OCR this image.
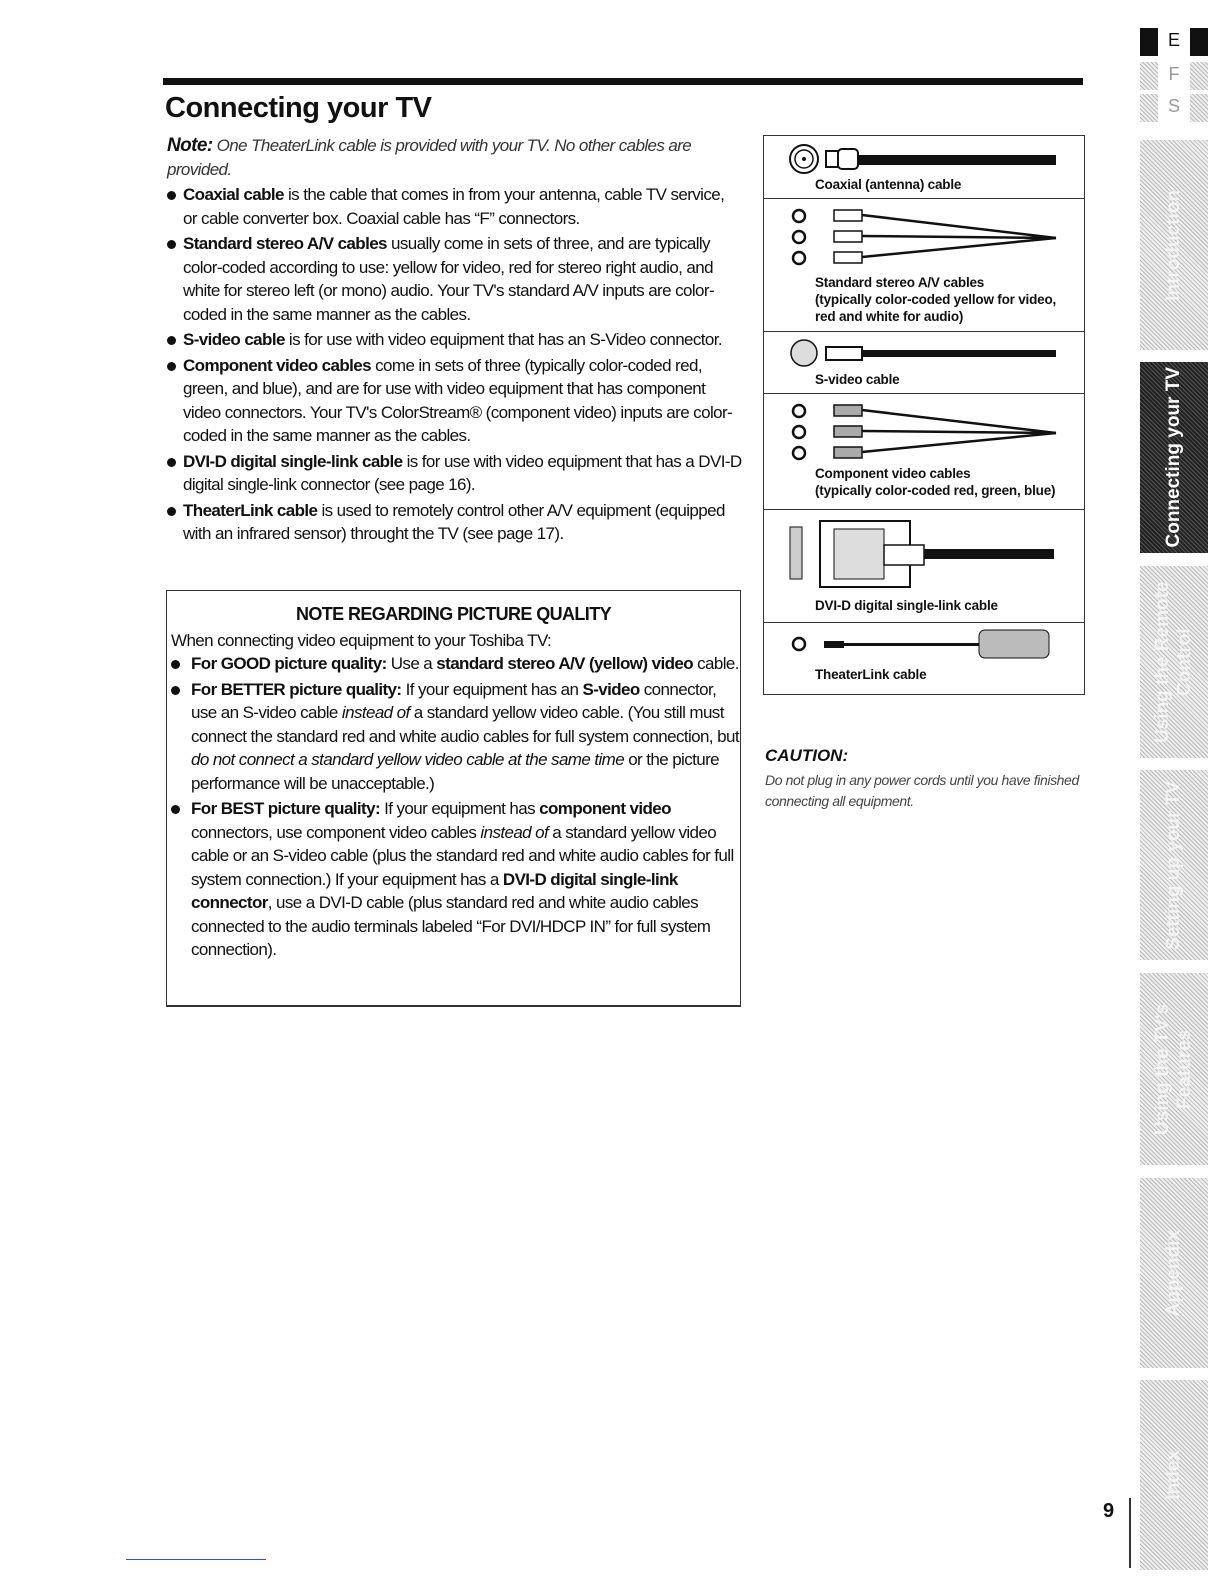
Connecting your TV
Note: One TheaterLink cable is provided with your TV. No other cables are provided.
Coaxial cable is the cable that comes in from your antenna, cable TV service, or cable converter box. Coaxial cable has “F” connectors.
Standard stereo A/V cables usually come in sets of three, and are typically color-coded according to use: yellow for video, red for stereo right audio, and white for stereo left (or mono) audio. Your TV's standard A/V inputs are color-coded in the same manner as the cables.
S-video cable is for use with video equipment that has an S-Video connector.
Component video cables come in sets of three (typically color-coded red, green, and blue), and are for use with video equipment that has component video connectors. Your TV's ColorStream® (component video) inputs are color-coded in the same manner as the cables.
DVI-D digital single-link cable is for use with video equipment that has a DVI-D digital single-link connector (see page 16).
TheaterLink cable is used to remotely control other A/V equipment (equipped with an infrared sensor) throught the TV (see page 17).
NOTE REGARDING PICTURE QUALITY
When connecting video equipment to your Toshiba TV:
For GOOD picture quality: Use a standard stereo A/V (yellow) video cable.
For BETTER picture quality: If your equipment has an S-video connector, use an S-video cable instead of a standard yellow video cable. (You still must connect the standard red and white audio cables for full system connection, but do not connect a standard yellow video cable at the same time or the picture performance will be unacceptable.)
For BEST picture quality: If your equipment has component video connectors, use component video cables instead of a standard yellow video cable or an S-video cable (plus the standard red and white audio cables for full system connection.) If your equipment has a DVI-D digital single-link connector, use a DVI-D cable (plus standard red and white audio cables connected to the audio terminals labeled “For DVI/HDCP IN” for full system connection).
Coaxial (antenna) cable
Standard stereo A/V cables
(typically color-coded yellow for video,
red and white for audio)
S-video cable
Component video cables
(typically color-coded red, green, blue)
DVI-D digital single-link cable
TheaterLink cable
CAUTION:
Do not plug in any power cords until you have finished connecting all equipment.
E
F
S
Introduction
Connecting your TV
Using the Remote Control
Setting up your TV
Using the TV's Features
Appendix
Index
9
